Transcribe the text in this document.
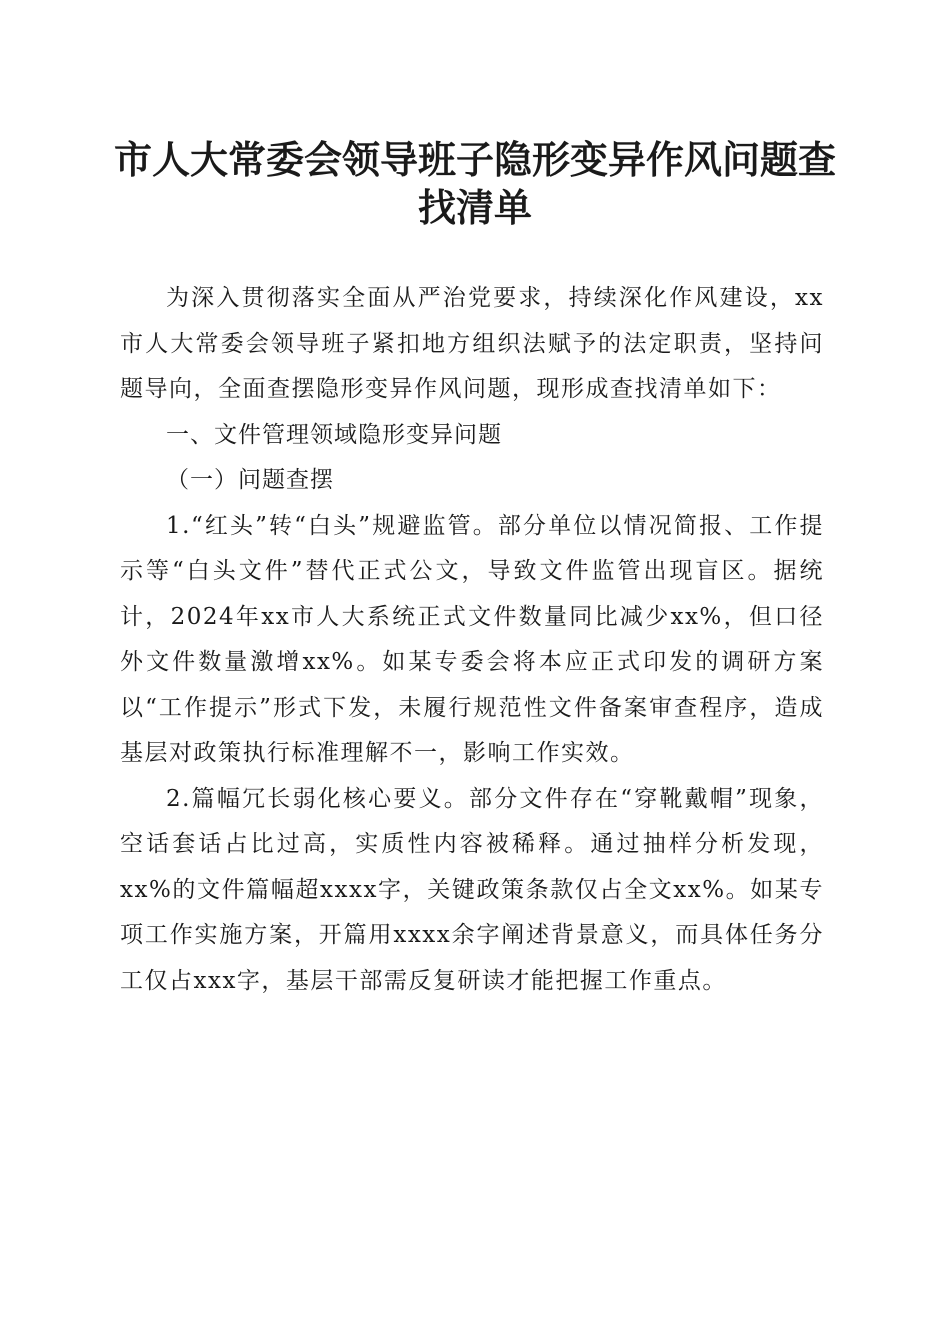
市人大常委会领导班子隐形变异作风问题查找清单

为深入贯彻落实全面从严治党要求，持续深化作风建设，xx市人大常委会领导班子紧扣地方组织法赋予的法定职责，坚持问题导向，全面查摆隐形变异作风问题，现形成查找清单如下：

一、文件管理领域隐形变异问题

（一）问题查摆

1.“红头”转“白头”规避监管。部分单位以情况简报、工作提示等“白头文件”替代正式公文，导致文件监管出现盲区。据统计，2024年xx市人大系统正式文件数量同比减少xx%，但口径外文件数量激增xx%。如某专委会将本应正式印发的调研方案以“工作提示”形式下发，未履行规范性文件备案审查程序，造成基层对政策执行标准理解不一，影响工作实效。

2.篇幅冗长弱化核心要义。部分文件存在“穿靴戴帽”现象，空话套话占比过高，实质性内容被稀释。通过抽样分析发现，xx%的文件篇幅超xxxx字，关键政策条款仅占全文xx%。如某专项工作实施方案，开篇用xxxx余字阐述背景意义，而具体任务分工仅占xxx字，基层干部需反复研读才能把握工作重点。
